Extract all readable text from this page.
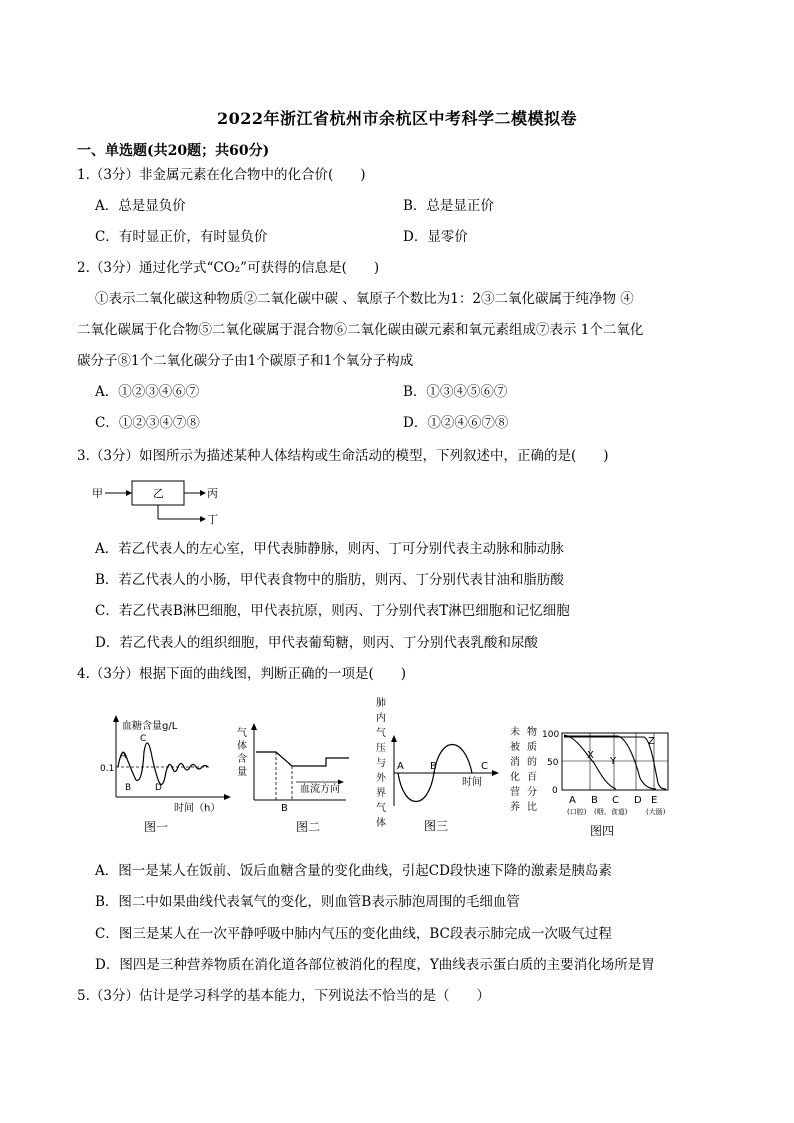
2022年浙江省杭州市余杭区中考科学二模模拟卷
一、单选题(共20题；共60分)
1.（3分）非金属元素在化合物中的化合价(　　)
A．总是显负价	B．总是显正价
C．有时显正价，有时显负价	D．显零价
2.（3分）通过化学式“CO₂”可获得的信息是(　　)
①表示二氧化碳这种物质②二氧化碳中碳 、氧原子个数比为1：2③二氧化碳属于纯净物 ④
二氧化碳属于化合物⑤二氧化碳属于混合物⑥二氧化碳由碳元素和氧元素组成⑦表示 1个二氧化
碳分子⑧1个二氧化碳分子由1个碳原子和1个氧分子构成
A．①②③④⑥⑦	B．①③④⑤⑥⑦
C．①②③④⑦⑧	D．①②④⑥⑦⑧
3.（3分）如图所示为描述某种人体结构或生命活动的模型，下列叙述中，正确的是(　　)
甲	乙	丙
丁
A．若乙代表人的左心室，甲代表肺静脉，则丙、丁可分别代表主动脉和肺动脉
B．若乙代表人的小肠，甲代表食物中的脂肪，则丙、丁分别代表甘油和脂肪酸
C．若乙代表B淋巴细胞，甲代表抗原，则丙、丁分别代表T淋巴细胞和记忆细胞
D．若乙代表人的组织细胞，甲代表葡萄糖，则丙、丁分别代表乳酸和尿酸
4.（3分）根据下面的曲线图，判断正确的一项是(　　)
血糖含量g/L
0.1
A
B
C
D
时间（h）
图一
气
体
含
量
血流方向
B
图二
肺
内
气
压
与
外
界
气
体
A	B	C
时间
图三
未
被
消
化
营
养
物
质
的
百
分
比
100
50
0
X
Y
Z
A B C D E
(口腔) (咽、食道)	(大肠)
图四
A．图一是某人在饭前、饭后血糖含量的变化曲线，引起CD段快速下降的激素是胰岛素
B．图二中如果曲线代表氧气的变化，则血管B表示肺泡周围的毛细血管
C．图三是某人在一次平静呼吸中肺内气压的变化曲线，BC段表示肺完成一次吸气过程
D．图四是三种营养物质在消化道各部位被消化的程度，Y曲线表示蛋白质的主要消化场所是胃
5.（3分）估计是学习科学的基本能力，下列说法不恰当的是（　　）
